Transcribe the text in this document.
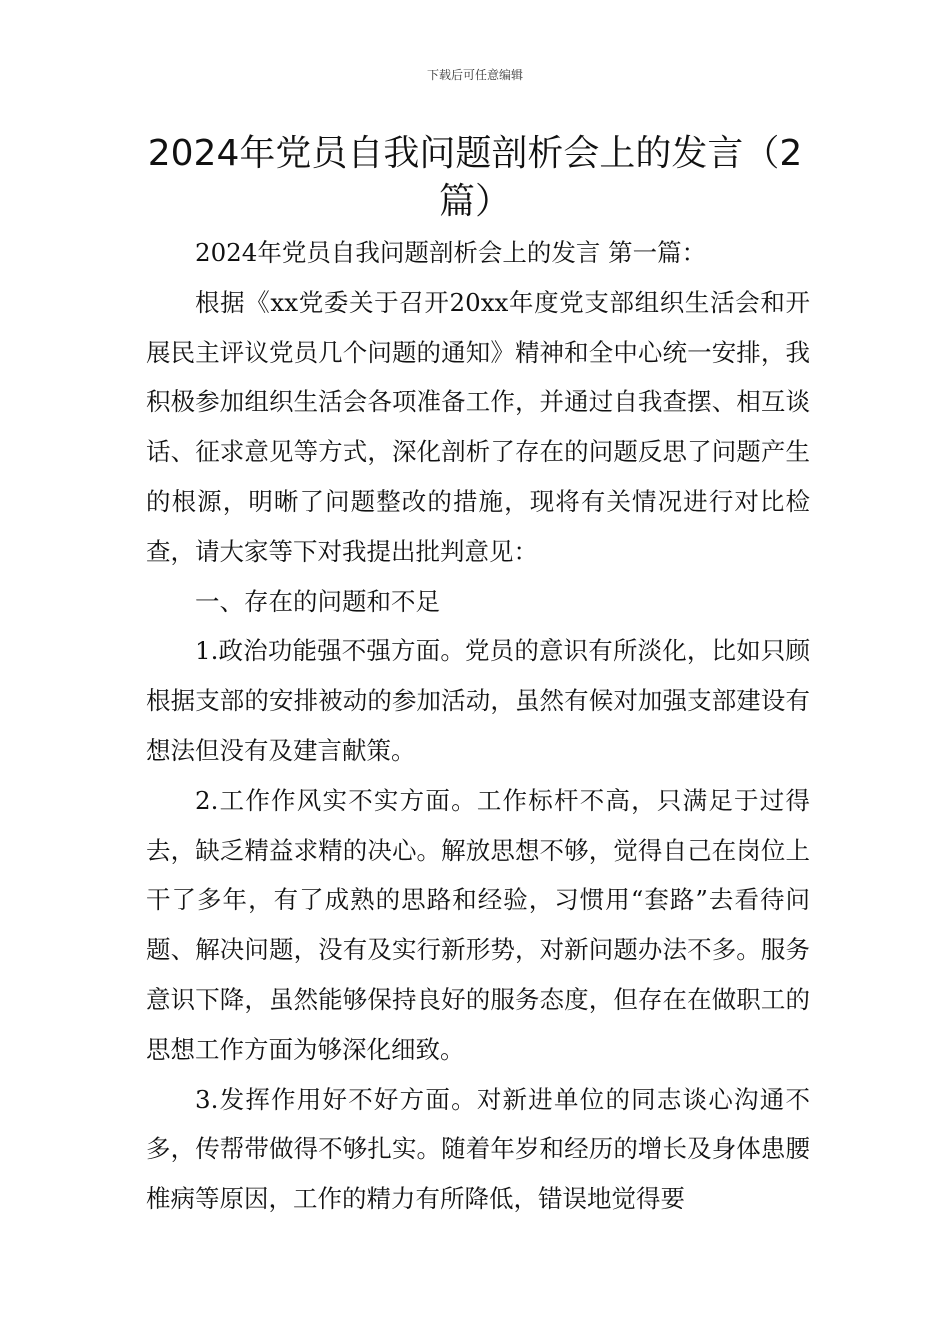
下载后可任意编辑
2024年党员自我问题剖析会上的发言（2篇）

2024年党员自我问题剖析会上的发言 第一篇：

根据《xx党委关于召开20xx年度党支部组织生活会和开展民主评议党员几个问题的通知》精神和全中心统一安排，我积极参加组织生活会各项准备工作，并通过自我查摆、相互谈话、征求意见等方式，深化剖析了存在的问题反思了问题产生的根源，明晰了问题整改的措施，现将有关情况进行对比检查，请大家等下对我提出批判意见：

一、存在的问题和不足

1.政治功能强不强方面。党员的意识有所淡化，比如只顾根据支部的安排被动的参加活动，虽然有候对加强支部建设有想法但没有及建言献策。

2.工作作风实不实方面。工作标杆不高，只满足于过得去，缺乏精益求精的决心。解放思想不够，觉得自己在岗位上干了多年，有了成熟的思路和经验，习惯用“套路”去看待问题、解决问题，没有及实行新形势，对新问题办法不多。服务意识下降，虽然能够保持良好的服务态度，但存在在做职工的思想工作方面为够深化细致。

3.发挥作用好不好方面。对新进单位的同志谈心沟通不多，传帮带做得不够扎实。随着年岁和经历的增长及身体患腰椎病等原因，工作的精力有所降低，错误地觉得要
